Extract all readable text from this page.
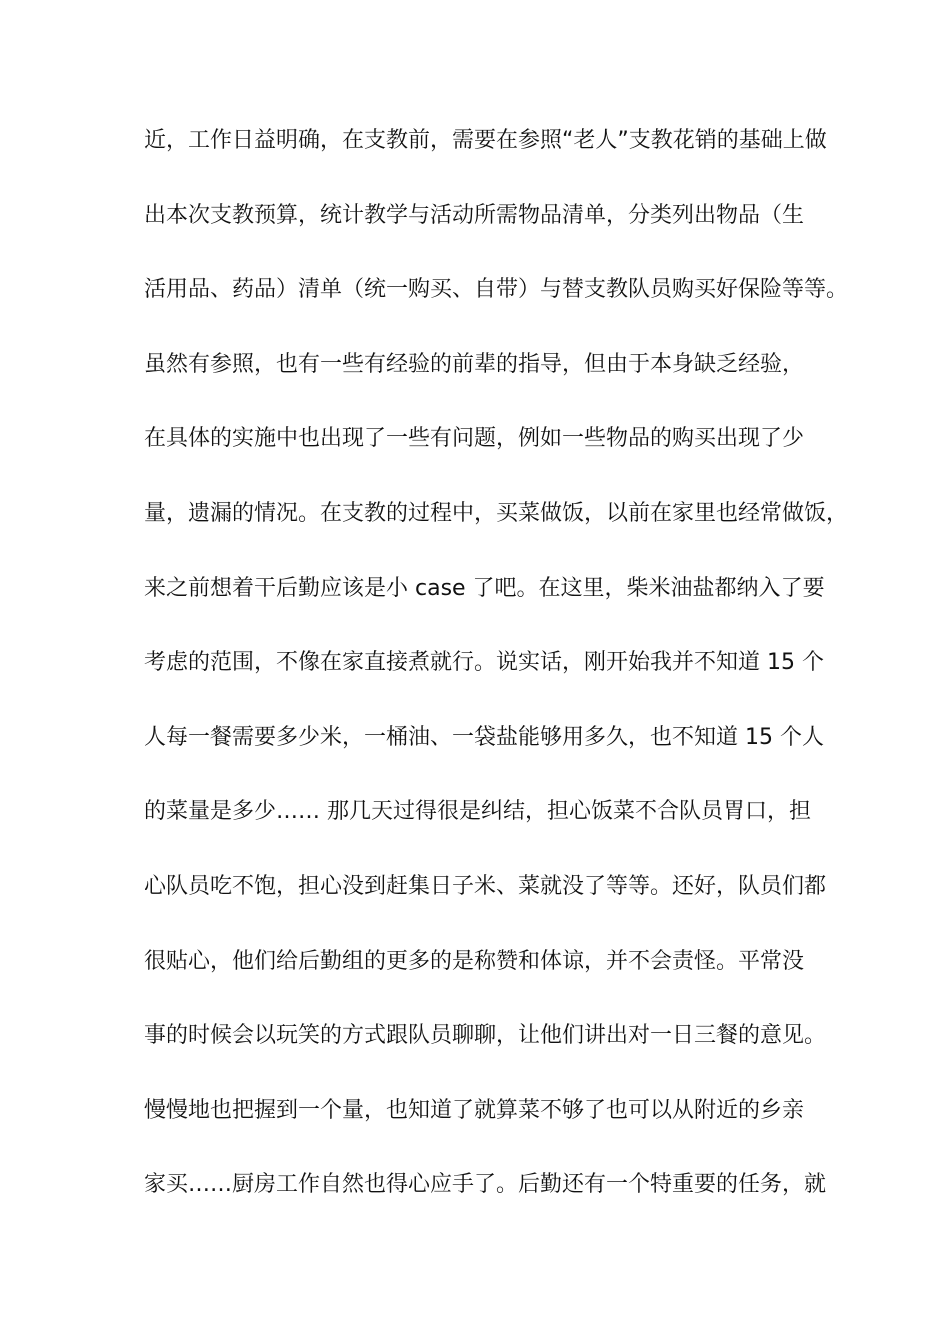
近，工作日益明确，在支教前，需要在参照“老人”支教花销的基础上做
出本次支教预算，统计教学与活动所需物品清单，分类列出物品（生
活用品、药品）清单（统一购买、自带）与替支教队员购买好保险等等。
虽然有参照，也有一些有经验的前辈的指导，但由于本身缺乏经验，
在具体的实施中也出现了一些有问题，例如一些物品的购买出现了少
量，遗漏的情况。在支教的过程中，买菜做饭，以前在家里也经常做饭，
来之前想着干后勤应该是小 case 了吧。在这里，柴米油盐都纳入了要
考虑的范围，不像在家直接煮就行。说实话，刚开始我并不知道 15 个
人每一餐需要多少米，一桶油、一袋盐能够用多久，也不知道 15 个人
的菜量是多少…… 那几天过得很是纠结，担心饭菜不合队员胃口，担
心队员吃不饱，担心没到赶集日子米、菜就没了等等。还好，队员们都
很贴心，他们给后勤组的更多的是称赞和体谅，并不会责怪。平常没
事的时候会以玩笑的方式跟队员聊聊，让他们讲出对一日三餐的意见。
慢慢地也把握到一个量，也知道了就算菜不够了也可以从附近的乡亲
家买……厨房工作自然也得心应手了。后勤还有一个特重要的任务，就
